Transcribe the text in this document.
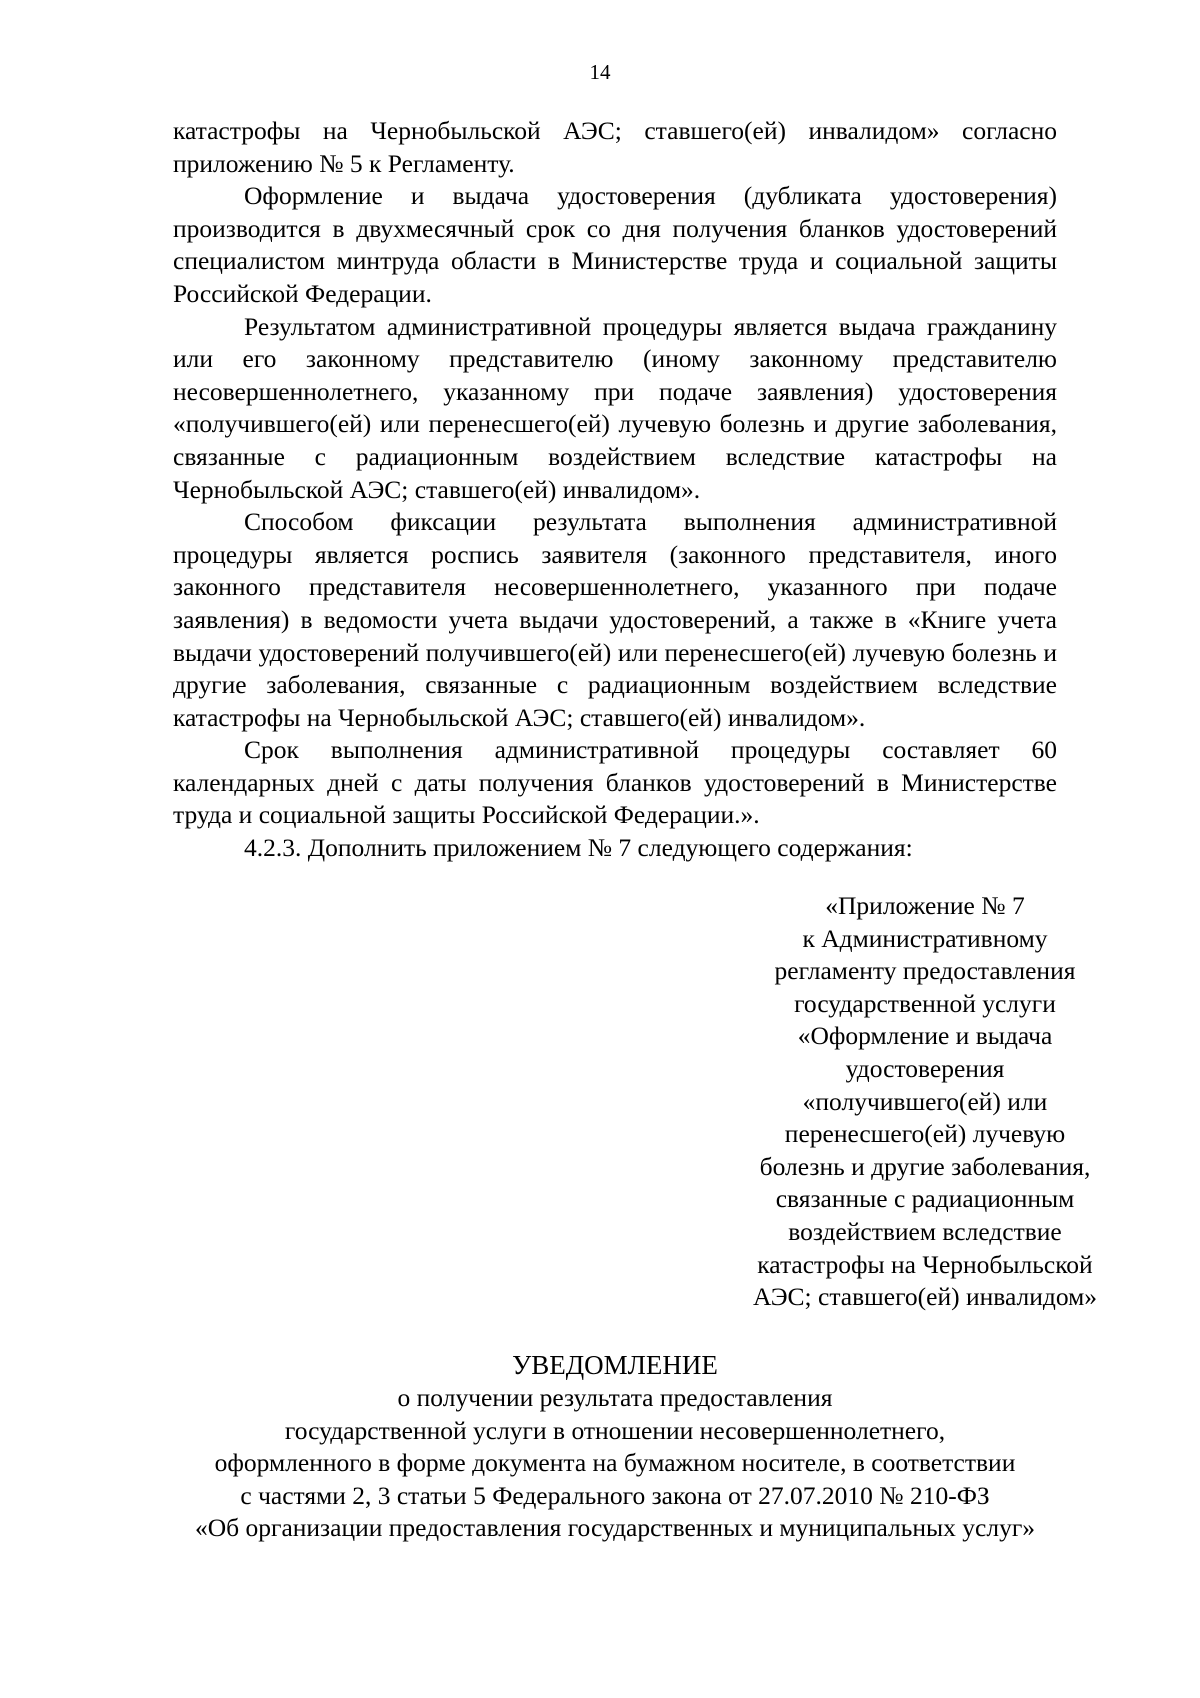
14

катастрофы на Чернобыльской АЭС; ставшего(ей) инвалидом» согласно приложению № 5 к Регламенту.

Оформление и выдача удостоверения (дубликата удостоверения) производится в двухмесячный срок со дня получения бланков удостоверений специалистом минтруда области в Министерстве труда и социальной защиты Российской Федерации.

Результатом административной процедуры является выдача гражданину или его законному представителю (иному законному представителю несовершеннолетнего, указанному при подаче заявления) удостоверения «получившего(ей) или перенесшего(ей) лучевую болезнь и другие заболевания, связанные с радиационным воздействием вследствие катастрофы на Чернобыльской АЭС; ставшего(ей) инвалидом».

Способом фиксации результата выполнения административной процедуры является роспись заявителя (законного представителя, иного законного представителя несовершеннолетнего, указанного при подаче заявления) в ведомости учета выдачи удостоверений, а также в «Книге учета выдачи удостоверений получившего(ей) или перенесшего(ей) лучевую болезнь и другие заболевания, связанные с радиационным воздействием вследствие катастрофы на Чернобыльской АЭС; ставшего(ей) инвалидом».

Срок выполнения административной процедуры составляет 60 календарных дней с даты получения бланков удостоверений в Министерстве труда и социальной защиты Российской Федерации.».

4.2.3. Дополнить приложением № 7 следующего содержания:

«Приложение № 7
к Административному
регламенту предоставления
государственной услуги
«Оформление и выдача
удостоверения
«получившего(ей) или
перенесшего(ей) лучевую
болезнь и другие заболевания,
связанные с радиационным
воздействием вследствие
катастрофы на Чернобыльской
АЭС; ставшего(ей) инвалидом»
УВЕДОМЛЕНИЕ
о получении результата предоставления
государственной услуги в отношении несовершеннолетнего,
оформленного в форме документа на бумажном носителе, в соответствии
с частями 2, 3 статьи 5 Федерального закона от 27.07.2010 № 210-ФЗ
«Об организации предоставления государственных и муниципальных услуг»
